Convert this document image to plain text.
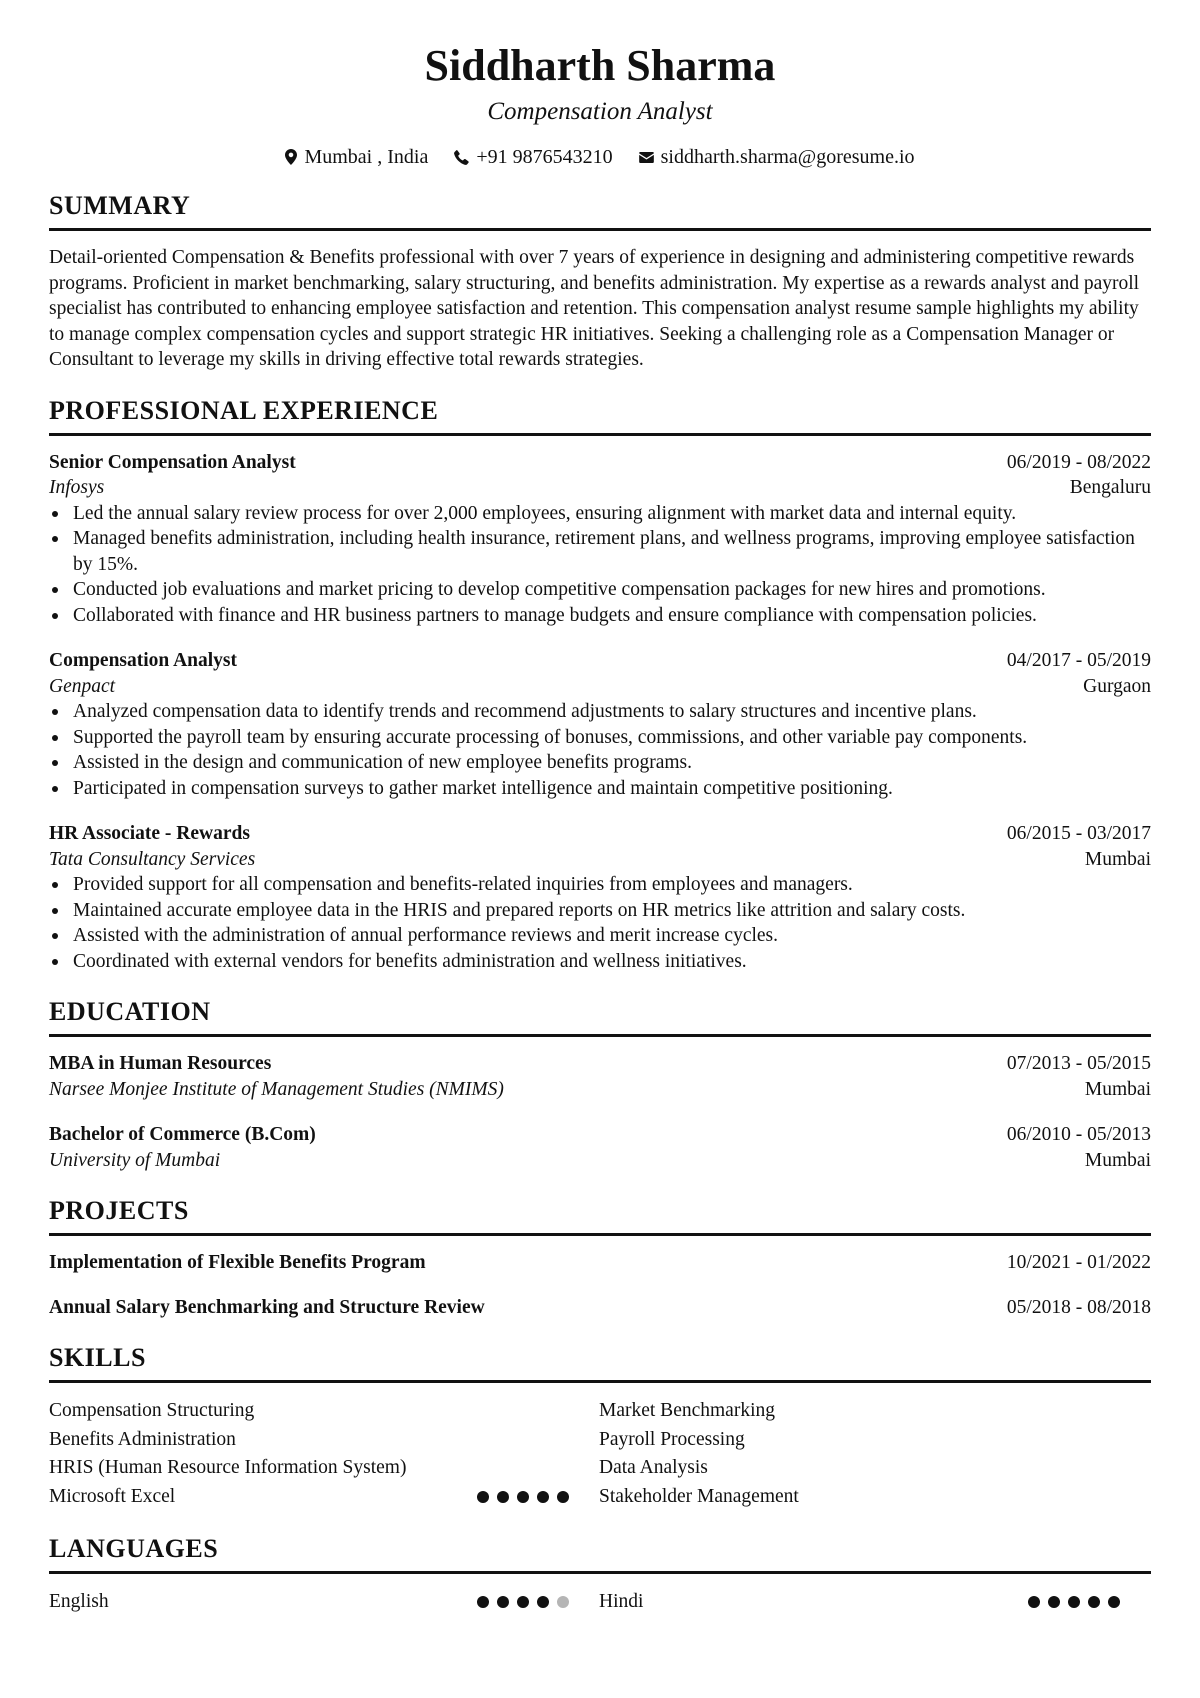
Siddharth Sharma
Compensation Analyst
Mumbai , India +91 9876543210 siddharth.sharma@goresume.io
SUMMARY
Detail-oriented Compensation & Benefits professional with over 7 years of experience in designing and administering competitive rewards programs. Proficient in market benchmarking, salary structuring, and benefits administration. My expertise as a rewards analyst and payroll specialist has contributed to enhancing employee satisfaction and retention. This compensation analyst resume sample highlights my ability to manage complex compensation cycles and support strategic HR initiatives. Seeking a challenging role as a Compensation Manager or Consultant to leverage my skills in driving effective total rewards strategies.
PROFESSIONAL EXPERIENCE
Senior Compensation Analyst	06/2019 - 08/2022
Infosys	Bengaluru
Led the annual salary review process for over 2,000 employees, ensuring alignment with market data and internal equity.
Managed benefits administration, including health insurance, retirement plans, and wellness programs, improving employee satisfaction by 15%.
Conducted job evaluations and market pricing to develop competitive compensation packages for new hires and promotions.
Collaborated with finance and HR business partners to manage budgets and ensure compliance with compensation policies.
Compensation Analyst	04/2017 - 05/2019
Genpact	Gurgaon
Analyzed compensation data to identify trends and recommend adjustments to salary structures and incentive plans.
Supported the payroll team by ensuring accurate processing of bonuses, commissions, and other variable pay components.
Assisted in the design and communication of new employee benefits programs.
Participated in compensation surveys to gather market intelligence and maintain competitive positioning.
HR Associate - Rewards	06/2015 - 03/2017
Tata Consultancy Services	Mumbai
Provided support for all compensation and benefits-related inquiries from employees and managers.
Maintained accurate employee data in the HRIS and prepared reports on HR metrics like attrition and salary costs.
Assisted with the administration of annual performance reviews and merit increase cycles.
Coordinated with external vendors for benefits administration and wellness initiatives.
EDUCATION
MBA in Human Resources	07/2013 - 05/2015
Narsee Monjee Institute of Management Studies (NMIMS)	Mumbai
Bachelor of Commerce (B.Com)	06/2010 - 05/2013
University of Mumbai	Mumbai
PROJECTS
Implementation of Flexible Benefits Program	10/2021 - 01/2022
Annual Salary Benchmarking and Structure Review	05/2018 - 08/2018
SKILLS
Compensation Structuring	Market Benchmarking
Benefits Administration	Payroll Processing
HRIS (Human Resource Information System)	Data Analysis
Microsoft Excel	Stakeholder Management
LANGUAGES
English	Hindi
